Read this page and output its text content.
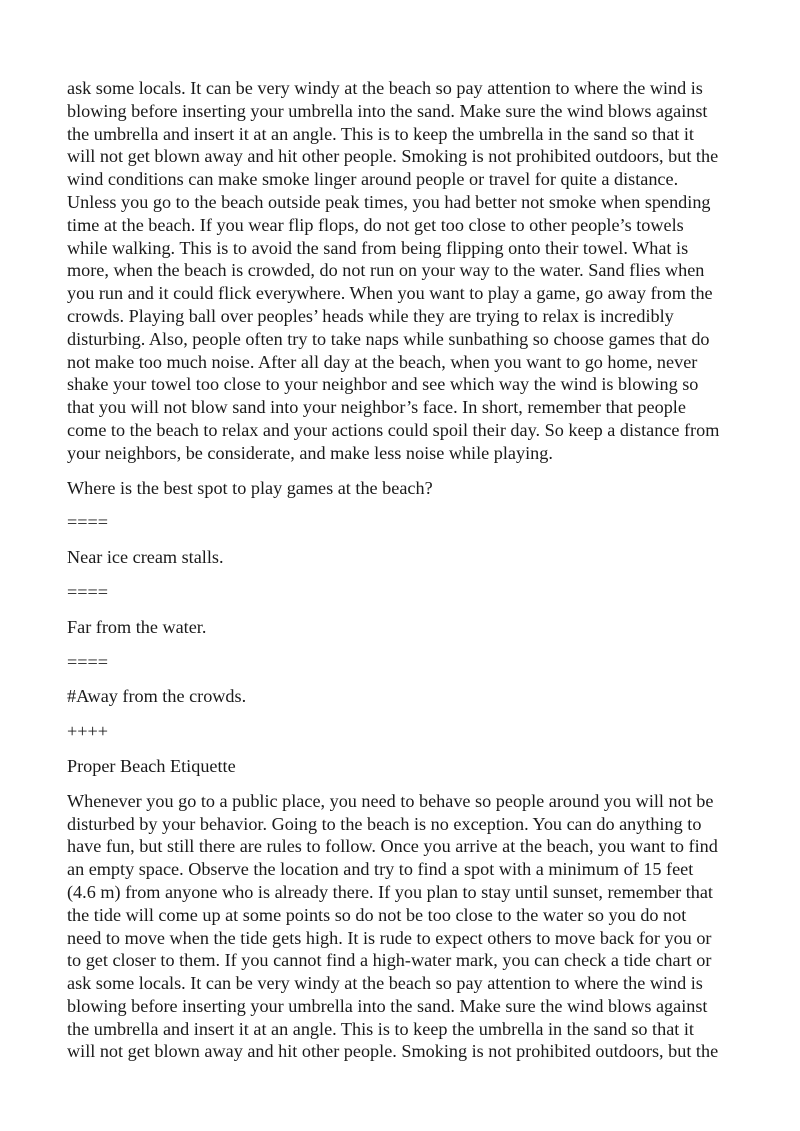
ask some locals. It can be very windy at the beach so pay attention to where the wind is
blowing before inserting your umbrella into the sand. Make sure the wind blows against
the umbrella and insert it at an angle. This is to keep the umbrella in the sand so that it
will not get blown away and hit other people. Smoking is not prohibited outdoors, but the
wind conditions can make smoke linger around people or travel for quite a distance.
Unless you go to the beach outside peak times, you had better not smoke when spending
time at the beach. If you wear flip flops, do not get too close to other people’s towels
while walking. This is to avoid the sand from being flipping onto their towel. What is
more, when the beach is crowded, do not run on your way to the water. Sand flies when
you run and it could flick everywhere. When you want to play a game, go away from the
crowds. Playing ball over peoples’ heads while they are trying to relax is incredibly
disturbing. Also, people often try to take naps while sunbathing so choose games that do
not make too much noise. After all day at the beach, when you want to go home, never
shake your towel too close to your neighbor and see which way the wind is blowing so
that you will not blow sand into your neighbor’s face. In short, remember that people
come to the beach to relax and your actions could spoil their day. So keep a distance from
your neighbors, be considerate, and make less noise while playing.
Where is the best spot to play games at the beach?
====
Near ice cream stalls.
====
Far from the water.
====
#Away from the crowds.
++++
Proper Beach Etiquette
Whenever you go to a public place, you need to behave so people around you will not be
disturbed by your behavior. Going to the beach is no exception. You can do anything to
have fun, but still there are rules to follow. Once you arrive at the beach, you want to find
an empty space. Observe the location and try to find a spot with a minimum of 15 feet
(4.6 m) from anyone who is already there. If you plan to stay until sunset, remember that
the tide will come up at some points so do not be too close to the water so you do not
need to move when the tide gets high. It is rude to expect others to move back for you or
to get closer to them. If you cannot find a high-water mark, you can check a tide chart or
ask some locals. It can be very windy at the beach so pay attention to where the wind is
blowing before inserting your umbrella into the sand. Make sure the wind blows against
the umbrella and insert it at an angle. This is to keep the umbrella in the sand so that it
will not get blown away and hit other people. Smoking is not prohibited outdoors, but the
